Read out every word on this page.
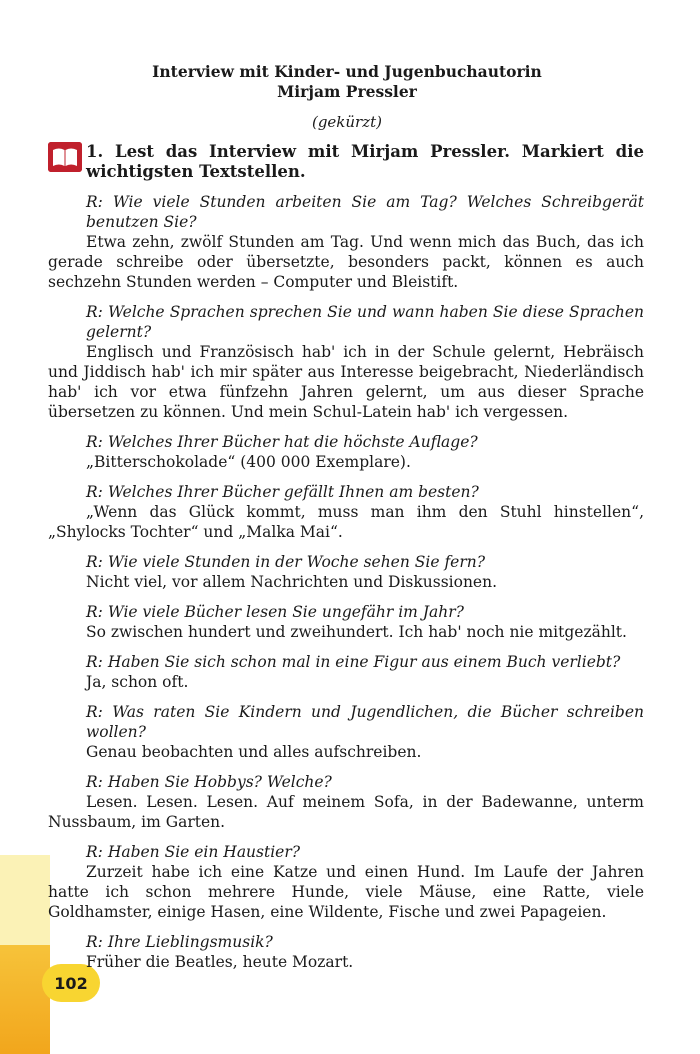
102
Interview mit Kinder- und Jugenbuchautorin
Mirjam Pressler
(gekürzt)
1. Lest das Interview mit Mirjam Pressler. Markiert die wichtigsten Textstellen.
R: Wie viele Stunden arbeiten Sie am Tag? Welches Schreibgerät benutzen Sie?
Etwa zehn, zwölf Stunden am Tag. Und wenn mich das Buch, das ich gerade schreibe oder übersetzte, besonders packt, können es auch sechzehn Stunden werden – Computer und Bleistift.
R: Welche Sprachen sprechen Sie und wann haben Sie diese Sprachen gelernt?
Englisch und Französisch hab' ich in der Schule gelernt, Hebräisch und Jiddisch hab' ich mir später aus Interesse beigebracht, Niederländisch hab' ich vor etwa fünfzehn Jahren gelernt, um aus dieser Sprache übersetzen zu können. Und mein Schul-Latein hab' ich vergessen.
R: Welches Ihrer Bücher hat die höchste Auflage?
„Bitterschokolade“ (400 000 Exemplare).
R: Welches Ihrer Bücher gefällt Ihnen am besten?
„Wenn das Glück kommt, muss man ihm den Stuhl hinstellen“, „Shylocks Tochter“ und „Malka Mai“.
R: Wie viele Stunden in der Woche sehen Sie fern?
Nicht viel, vor allem Nachrichten und Diskussionen.
R: Wie viele Bücher lesen Sie ungefähr im Jahr?
So zwischen hundert und zweihundert. Ich hab' noch nie mitgezählt.
R: Haben Sie sich schon mal in eine Figur aus einem Buch verliebt?
Ja, schon oft.
R: Was raten Sie Kindern und Jugendlichen, die Bücher schreiben wollen?
Genau beobachten und alles aufschreiben.
R: Haben Sie Hobbys? Welche?
Lesen. Lesen. Lesen. Auf meinem Sofa, in der Badewanne, unterm Nussbaum, im Garten.
R: Haben Sie ein Haustier?
Zurzeit habe ich eine Katze und einen Hund. Im Laufe der Jahren hatte ich schon mehrere Hunde, viele Mäuse, eine Ratte, viele Goldhamster, einige Hasen, eine Wildente, Fische und zwei Papageien.
R: Ihre Lieblingsmusik?
Früher die Beatles, heute Mozart.
